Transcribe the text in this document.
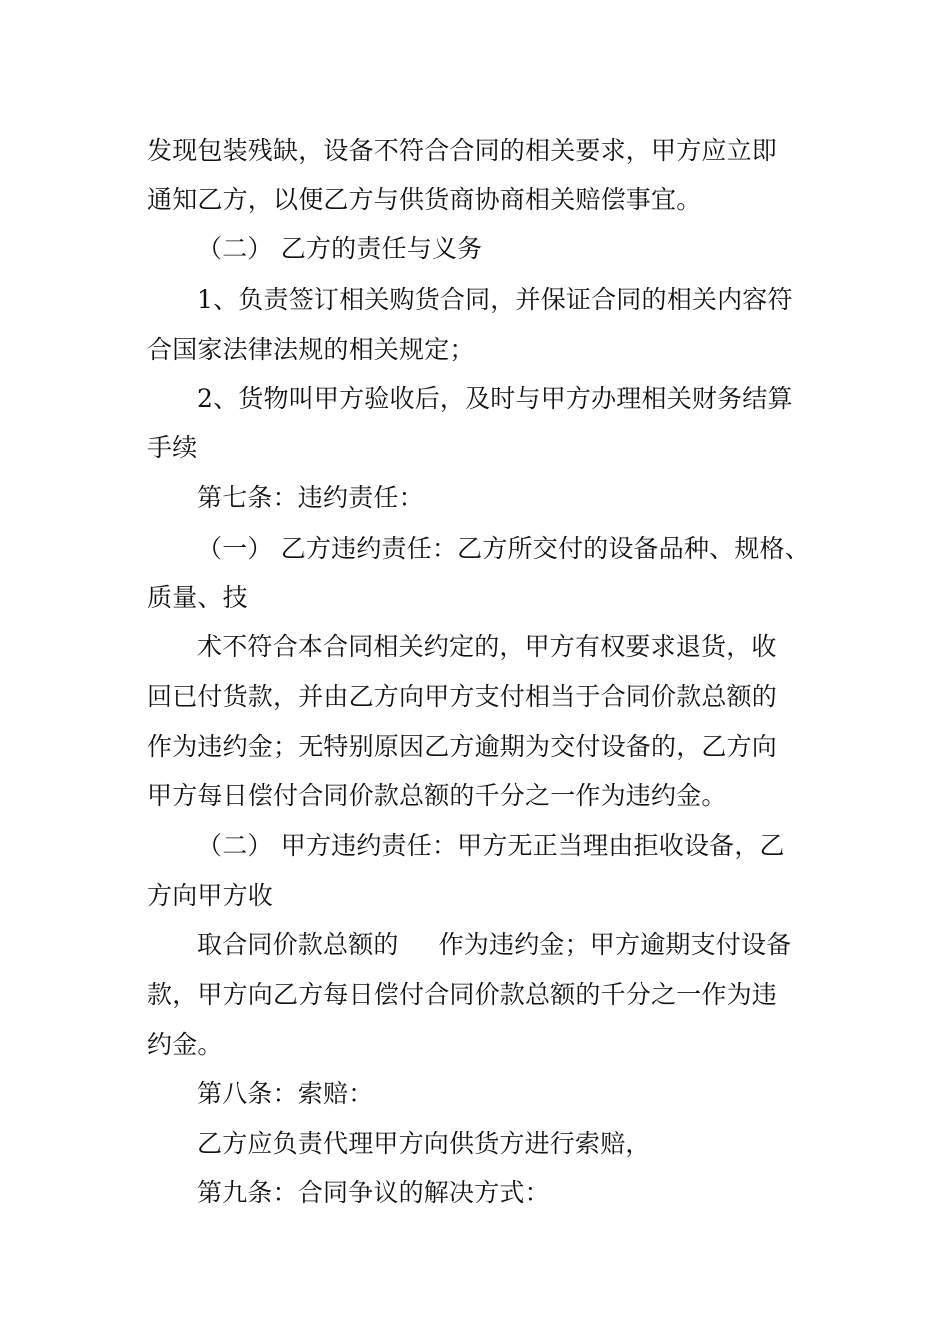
发现包装残缺，设备不符合合同的相关要求，甲方应立即
通知乙方，以便乙方与供货商协商相关赔偿事宜。
（二） 乙方的责任与义务
1、负责签订相关购货合同，并保证合同的相关内容符
合国家法律法规的相关规定；
2、货物叫甲方验收后，及时与甲方办理相关财务结算
手续
第七条：违约责任：
（一） 乙方违约责任：乙方所交付的设备品种、规格、
质量、技
术不符合本合同相关约定的，甲方有权要求退货，收
回已付货款，并由乙方向甲方支付相当于合同价款总额的
作为违约金；无特别原因乙方逾期为交付设备的，乙方向
甲方每日偿付合同价款总额的千分之一作为违约金。
（二） 甲方违约责任：甲方无正当理由拒收设备，乙
方向甲方收
取合同价款总额的 作为违约金；甲方逾期支付设备
款，甲方向乙方每日偿付合同价款总额的千分之一作为违
约金。
第八条：索赔：
乙方应负责代理甲方向供货方进行索赔，
第九条：合同争议的解决方式：
